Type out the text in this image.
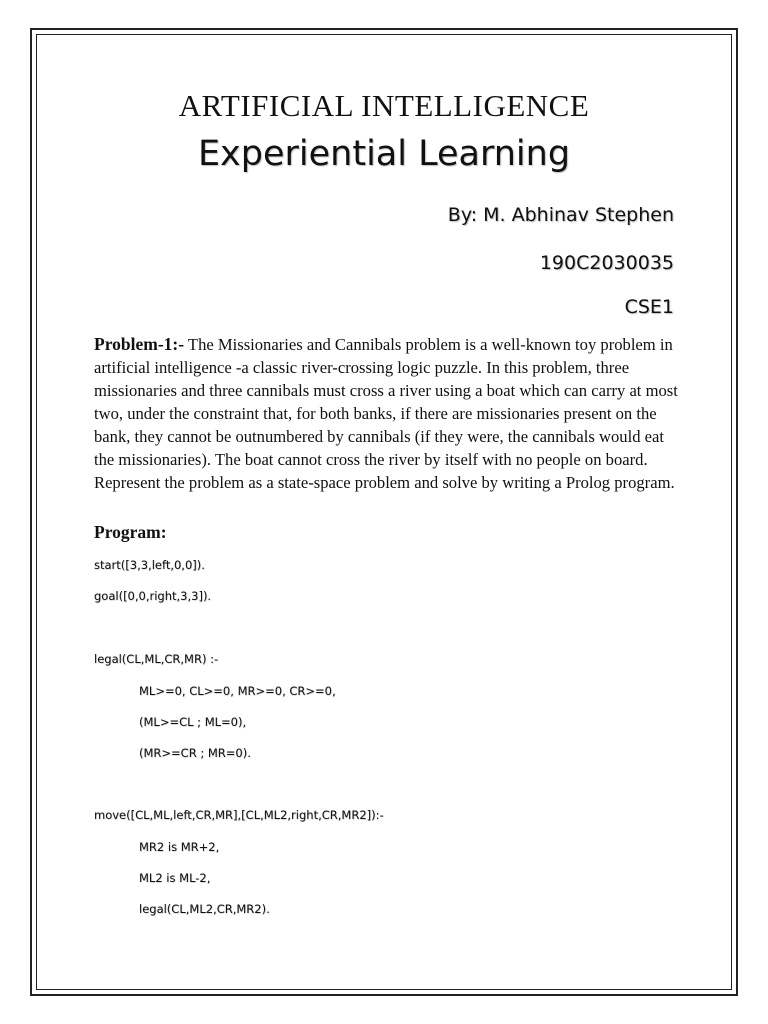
ARTIFICIAL INTELLIGENCE
Experiential Learning
By: M. Abhinav Stephen
190C2030035
CSE1
Problem-1:- The Missionaries and Cannibals problem is a well-known toy problem in artificial intelligence -a classic river-crossing logic puzzle. In this problem, three missionaries and three cannibals must cross a river using a boat which can carry at most two, under the constraint that, for both banks, if there are missionaries present on the bank, they cannot be outnumbered by cannibals (if they were, the cannibals would eat the missionaries). The boat cannot cross the river by itself with no people on board. Represent the problem as a state-space problem and solve by writing a Prolog program.
Program:
start([3,3,left,0,0]).
goal([0,0,right,3,3]).
legal(CL,ML,CR,MR) :-
ML>=0, CL>=0, MR>=0, CR>=0,
(ML>=CL ; ML=0),
(MR>=CR ; MR=0).
move([CL,ML,left,CR,MR],[CL,ML2,right,CR,MR2]):-
MR2 is MR+2,
ML2 is ML-2,
legal(CL,ML2,CR,MR2).
